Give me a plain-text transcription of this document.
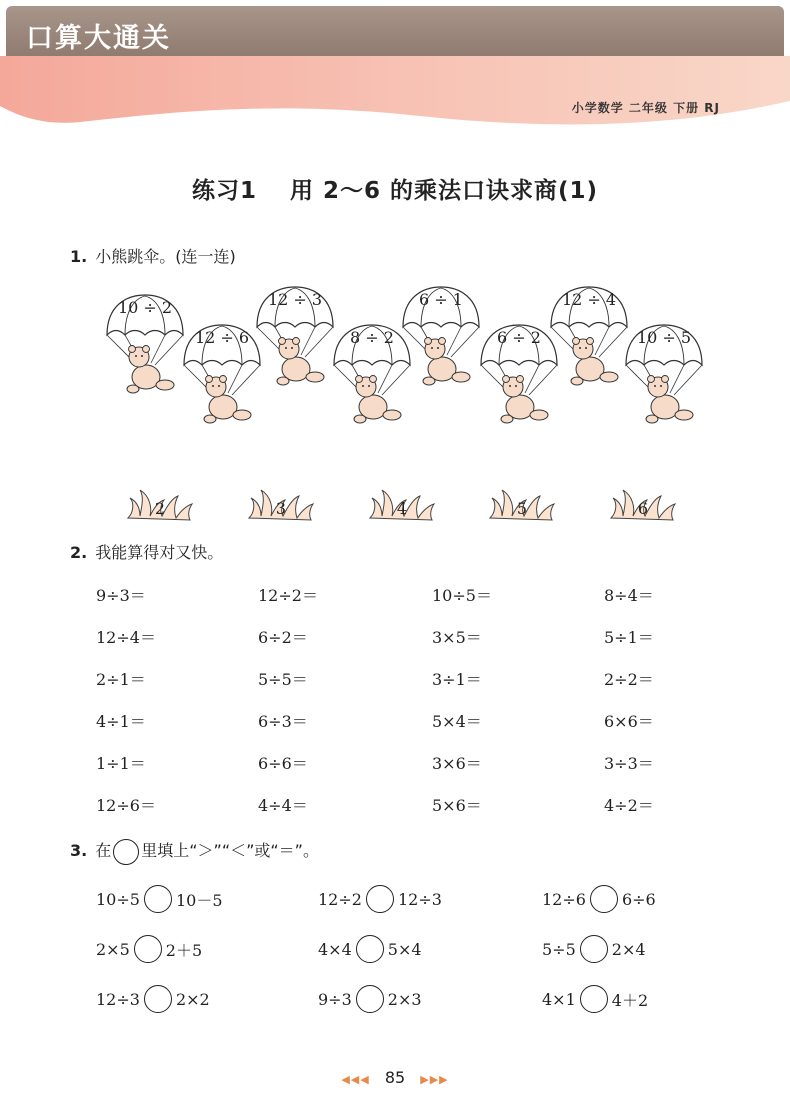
口算大通关
小学数学 二年级 下册 RJ
练习1 用 2～6 的乘法口诀求商(1)
1. 小熊跳伞。(连一连)
10 ÷ 2
12 ÷ 6
12 ÷ 3
8 ÷ 2
6 ÷ 1
6 ÷ 2
12 ÷ 4
10 ÷ 5
2	3	4	5	6
2. 我能算得对又快。
9÷3＝	12÷2＝	10÷5＝	8÷4＝
12÷4＝	6÷2＝	3×5＝	5÷1＝
2÷1＝	5÷5＝	3÷1＝	2÷2＝
4÷1＝	6÷3＝	5×4＝	6×6＝
1÷1＝	6÷6＝	3×6＝	3÷3＝
12÷6＝	4÷4＝	5×6＝	4÷2＝
3. 在 里填上“＞”“＜”或“＝”。
10÷5 10－5	12÷2 12÷3	12÷6 6÷6
2×5 2＋5	4×4 5×4	5÷5 2×4
12÷3 2×2	9÷3 2×3	4×1 4＋2
◀◀◀ 85 ▶▶▶
